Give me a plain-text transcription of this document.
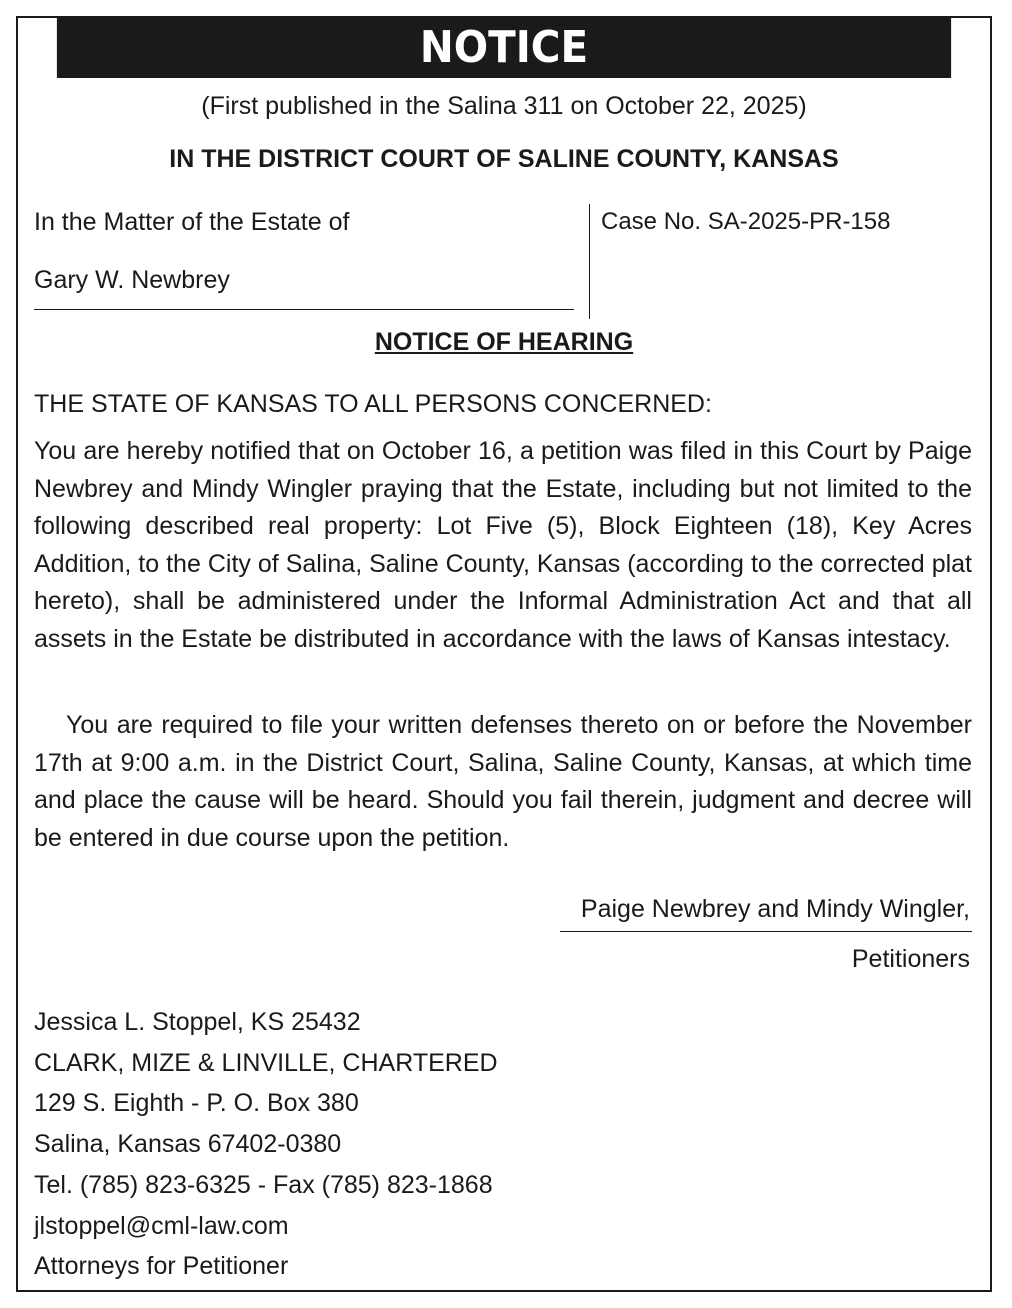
NOTICE
(First published in the Salina 311 on October 22, 2025)
IN THE DISTRICT COURT OF SALINE COUNTY, KANSAS
In the Matter of the Estate of
Gary W. Newbrey
Case No. SA-2025-PR-158
NOTICE OF HEARING
THE STATE OF KANSAS TO ALL PERSONS CONCERNED:
You are hereby notified that on October 16, a petition was filed in this Court by Paige Newbrey and Mindy Wingler praying that the Estate, including but not limited to the following described real property: Lot Five (5), Block Eighteen (18), Key Acres Addition, to the City of Salina, Saline County, Kansas (according to the corrected plat hereto), shall be administered under the Informal Administration Act and that all assets in the Estate be distributed in accordance with the laws of Kansas intestacy.
You are required to file your written defenses thereto on or before the November 17th at 9:00 a.m. in the District Court, Salina, Saline County, Kansas, at which time and place the cause will be heard. Should you fail therein, judgment and decree will be entered in due course upon the petition.
Paige Newbrey and Mindy Wingler,
Petitioners
Jessica L. Stoppel, KS 25432
CLARK, MIZE & LINVILLE, CHARTERED
129 S. Eighth - P. O. Box 380
Salina, Kansas 67402-0380
Tel. (785) 823-6325 - Fax (785) 823-1868
jlstoppel@cml-law.com
Attorneys for Petitioner
